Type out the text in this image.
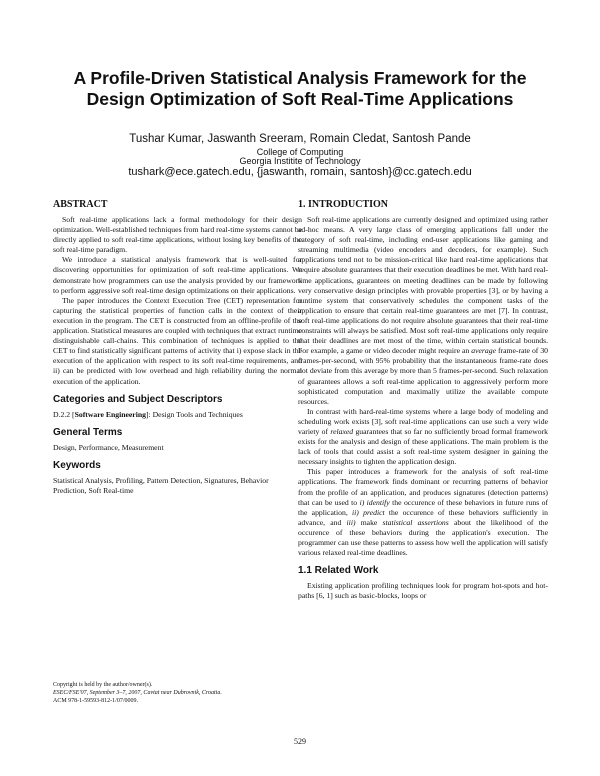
A Profile-Driven Statistical Analysis Framework for the
Design Optimization of Soft Real-Time Applications
Tushar Kumar, Jaswanth Sreeram, Romain Cledat, Santosh Pande
College of Computing
Georgia Institite of Technology
tushark@ece.gatech.edu, {jaswanth, romain, santosh}@cc.gatech.edu
ABSTRACT

Soft real-time applications lack a formal methodology for their design optimization. Well-established techniques from hard real-time systems cannot be directly applied to soft real-time applications, without losing key benefits of the soft real-time paradigm.

We introduce a statistical analysis framework that is well-suited for discovering opportunities for optimization of soft real-time applications. We demonstrate how programmers can use the analysis provided by our framework to perform aggressive soft real-time design optimizations on their applications.

The paper introduces the Context Execution Tree (CET) representation for capturing the statistical properties of function calls in the context of their execution in the program. The CET is constructed from an offline-profile of the application. Statistical measures are coupled with techniques that extract runtime distinguishable call-chains. This combination of techniques is applied to the CET to find statistically significant patterns of activity that i) expose slack in the execution of the application with respect to its soft real-time requirements, and ii) can be predicted with low overhead and high reliability during the normal execution of the application.

Categories and Subject Descriptors

D.2.2 [Software Engineering]: Design Tools and Techniques

General Terms

Design, Performance, Measurement

Keywords

Statistical Analysis, Profiling, Pattern Detection, Signatures, Behavior Prediction, Soft Real-time

Copyright is held by the author/owner(s).
ESEC/FSE'07, September 3–7, 2007, Cavtat near Dubrovnik, Croatia.
ACM 978-1-59593-812-1/07/0009.
1. INTRODUCTION

Soft real-time applications are currently designed and optimized using rather ad-hoc means. A very large class of emerging applications fall under the category of soft real-time, including end-user applications like gaming and streaming multimedia (video encoders and decoders, for example). Such applications tend not to be mission-critical like hard real-time applications that require absolute guarantees that their execution deadlines be met. With hard real-time applications, guarantees on meeting deadlines can be made by following very conservative design principles with provable properties [3], or by having a runtime system that conservatively schedules the component tasks of the application to ensure that certain real-time guarantees are met [7]. In contrast, soft real-time applications do not require absolute guarantees that their real-time constraints will always be satisfied. Most soft real-time applications only require that their deadlines are met most of the time, within certain statistical bounds. For example, a game or video decoder might require an average frame-rate of 30 frames-per-second, with 95% probability that the instantaneous frame-rate does not deviate from this average by more than 5 frames-per-second. Such relaxation of guarantees allows a soft real-time application to aggressively perform more sophisticated computation and maximally utilize the available compute resources.

In contrast with hard-real-time systems where a large body of modeling and scheduling work exists [3], soft real-time applications can use such a very wide variety of relaxed guarantees that so far no sufficiently broad formal framework exists for the analysis and design of these applications. The main problem is the lack of tools that could assist a soft real-time system designer in gaining the necessary insights to tighten the application design.

This paper introduces a framework for the analysis of soft real-time applications. The framework finds dominant or recurring patterns of behavior from the profile of an application, and produces signatures (detection patterns) that can be used to i) identify the occurence of these behaviors in future runs of the application, ii) predict the occurence of these behaviors sufficiently in advance, and iii) make statistical assertions about the likelihood of the occurence of these behaviors during the application's execution. The programmer can use these patterns to assess how well the application will satisfy various relaxed real-time deadlines.

1.1 Related Work

Existing application profiling techniques look for program hot-spots and hot-paths [6, 1] such as basic-blocks, loops or

529
